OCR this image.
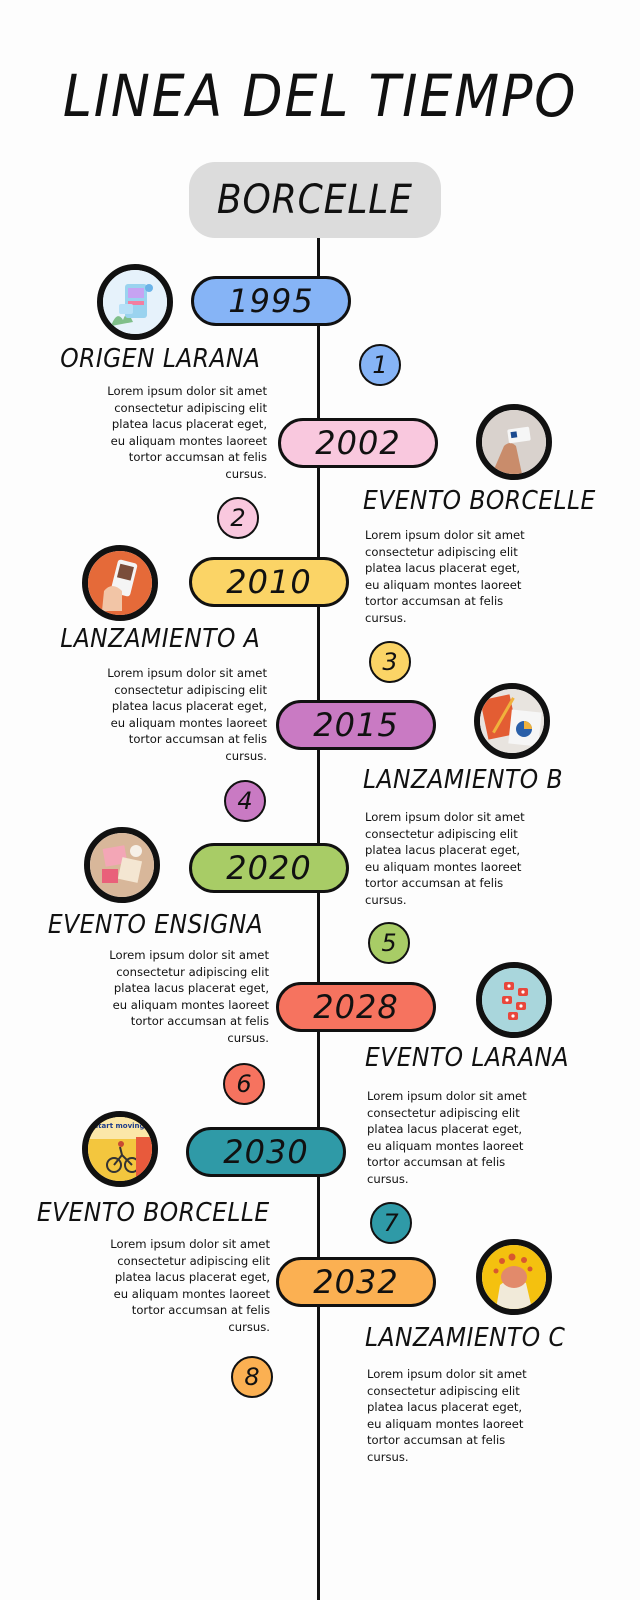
LINEA DEL TIEMPO
BORCELLE
1995
ORIGEN LARANA
Lorem ipsum dolor sit amet consectetur adipiscing elit platea lacus placerat eget, eu aliquam montes laoreet tortor accumsan at felis cursus.
1
2002
EVENTO BORCELLE
Lorem ipsum dolor sit amet consectetur adipiscing elit platea lacus placerat eget, eu aliquam montes laoreet tortor accumsan at felis cursus.
2
2010
LANZAMIENTO A
Lorem ipsum dolor sit amet consectetur adipiscing elit platea lacus placerat eget, eu aliquam montes laoreet tortor accumsan at felis cursus.
3
2015
LANZAMIENTO B
Lorem ipsum dolor sit amet consectetur adipiscing elit platea lacus placerat eget, eu aliquam montes laoreet tortor accumsan at felis cursus.
4
2020
EVENTO ENSIGNA
Lorem ipsum dolor sit amet consectetur adipiscing elit platea lacus placerat eget, eu aliquam montes laoreet tortor accumsan at felis cursus.
5
2028
EVENTO LARANA
Lorem ipsum dolor sit amet consectetur adipiscing elit platea lacus placerat eget, eu aliquam montes laoreet tortor accumsan at felis cursus.
6
2030
start moving.
EVENTO BORCELLE
Lorem ipsum dolor sit amet consectetur adipiscing elit platea lacus placerat eget, eu aliquam montes laoreet tortor accumsan at felis cursus.
7
2032
LANZAMIENTO C
Lorem ipsum dolor sit amet consectetur adipiscing elit platea lacus placerat eget, eu aliquam montes laoreet tortor accumsan at felis cursus.
8
